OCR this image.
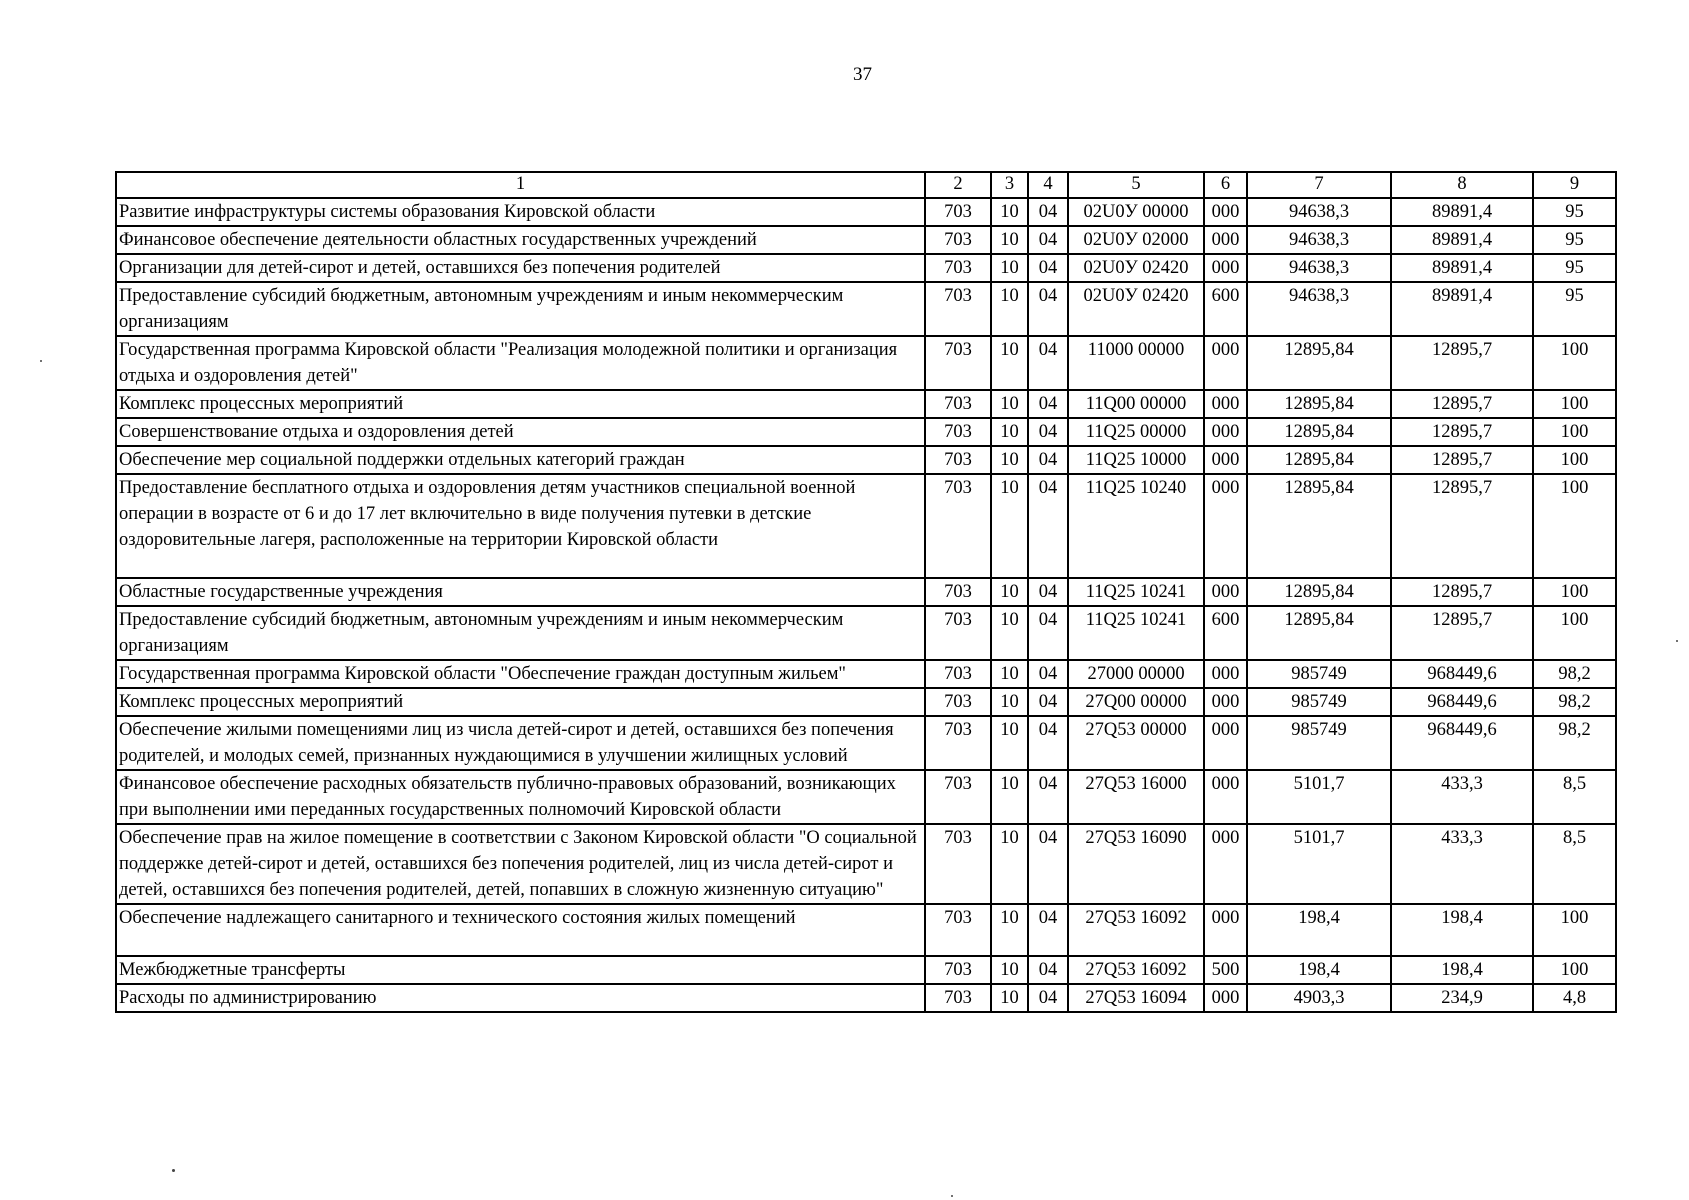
37
1	2	3	4	5	6	7	8	9
Развитие инфраструктуры системы образования Кировской области	703	10	04	02U0У 00000	000	94638,3	89891,4	95
Финансовое обеспечение деятельности областных государственных учреждений	703	10	04	02U0У 02000	000	94638,3	89891,4	95
Организации для детей-сирот и детей, оставшихся без попечения родителей	703	10	04	02U0У 02420	000	94638,3	89891,4	95
Предоставление субсидий бюджетным, автономным учреждениям и иным некоммерческим организациям	703	10	04	02U0У 02420	600	94638,3	89891,4	95
Государственная программа Кировской области "Реализация молодежной политики и организация отдыха и оздоровления детей"	703	10	04	11000 00000	000	12895,84	12895,7	100
Комплекс процессных мероприятий	703	10	04	11Q00 00000	000	12895,84	12895,7	100
Совершенствование отдыха и оздоровления детей	703	10	04	11Q25 00000	000	12895,84	12895,7	100
Обеспечение мер социальной поддержки отдельных категорий граждан	703	10	04	11Q25 10000	000	12895,84	12895,7	100
Предоставление бесплатного отдыха и оздоровления детям участников специальной военной операции в возрасте от 6 и до 17 лет включительно в виде получения путевки в детские оздоровительные лагеря, расположенные на территории Кировской области	703	10	04	11Q25 10240	000	12895,84	12895,7	100
Областные государственные учреждения	703	10	04	11Q25 10241	000	12895,84	12895,7	100
Предоставление субсидий бюджетным, автономным учреждениям и иным некоммерческим организациям	703	10	04	11Q25 10241	600	12895,84	12895,7	100
Государственная программа Кировской области "Обеспечение граждан доступным жильем"	703	10	04	27000 00000	000	985749	968449,6	98,2
Комплекс процессных мероприятий	703	10	04	27Q00 00000	000	985749	968449,6	98,2
Обеспечение жилыми помещениями лиц из числа детей-сирот и детей, оставшихся без попечения родителей, и молодых семей, признанных нуждающимися в улучшении жилищных условий	703	10	04	27Q53 00000	000	985749	968449,6	98,2
Финансовое обеспечение расходных обязательств публично-правовых образований, возникающих при выполнении ими переданных государственных полномочий Кировской области	703	10	04	27Q53 16000	000	5101,7	433,3	8,5
Обеспечение прав на жилое помещение в соответствии с Законом Кировской области "О социальной поддержке детей-сирот и детей, оставшихся без попечения родителей, лиц из числа детей-сирот и детей, оставшихся без попечения родителей, детей, попавших в сложную жизненную ситуацию"	703	10	04	27Q53 16090	000	5101,7	433,3	8,5
Обеспечение надлежащего санитарного и технического состояния жилых помещений	703	10	04	27Q53 16092	000	198,4	198,4	100
Межбюджетные трансферты	703	10	04	27Q53 16092	500	198,4	198,4	100
Расходы по администрированию	703	10	04	27Q53 16094	000	4903,3	234,9	4,8
